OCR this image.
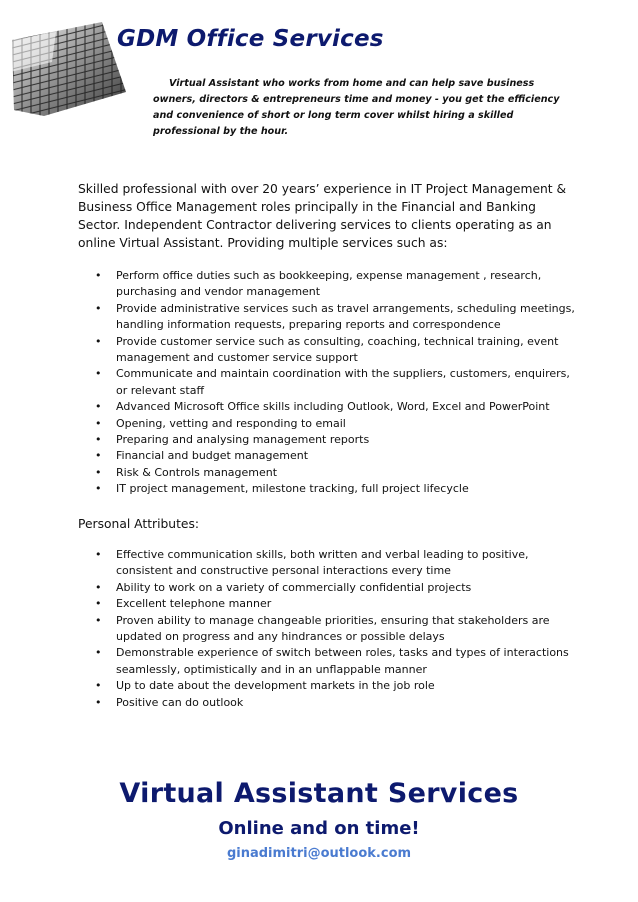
GDM Office Services
Virtual Assistant who works from home and can help save business owners, directors & entrepreneurs time and money - you get the efficiency and convenience of short or long term cover whilst hiring a skilled professional by the hour.
Skilled professional with over 20 years’ experience in IT Project Management & Business Office Management roles principally in the Financial and Banking Sector. Independent Contractor delivering services to clients operating as an online Virtual Assistant. Providing multiple services such as:
• Perform office duties such as bookkeeping, expense management , research, purchasing and vendor management
• Provide administrative services such as travel arrangements, scheduling meetings, handling information requests, preparing reports and correspondence
• Provide customer service such as consulting, coaching, technical training, event management and customer service support
• Communicate and maintain coordination with the suppliers, customers, enquirers, or relevant staff
• Advanced Microsoft Office skills including Outlook, Word, Excel and PowerPoint
• Opening, vetting and responding to email
• Preparing and analysing management reports
• Financial and budget management
• Risk & Controls management
• IT project management, milestone tracking, full project lifecycle
Personal Attributes:
• Effective communication skills, both written and verbal leading to positive, consistent and constructive personal interactions every time
• Ability to work on a variety of commercially confidential projects
• Excellent telephone manner
• Proven ability to manage changeable priorities, ensuring that stakeholders are updated on progress and any hindrances or possible delays
• Demonstrable experience of switch between roles, tasks and types of interactions seamlessly, optimistically and in an unflappable manner
• Up to date about the development markets in the job role
• Positive can do outlook
Virtual Assistant Services
Online and on time!
ginadimitri@outlook.com
